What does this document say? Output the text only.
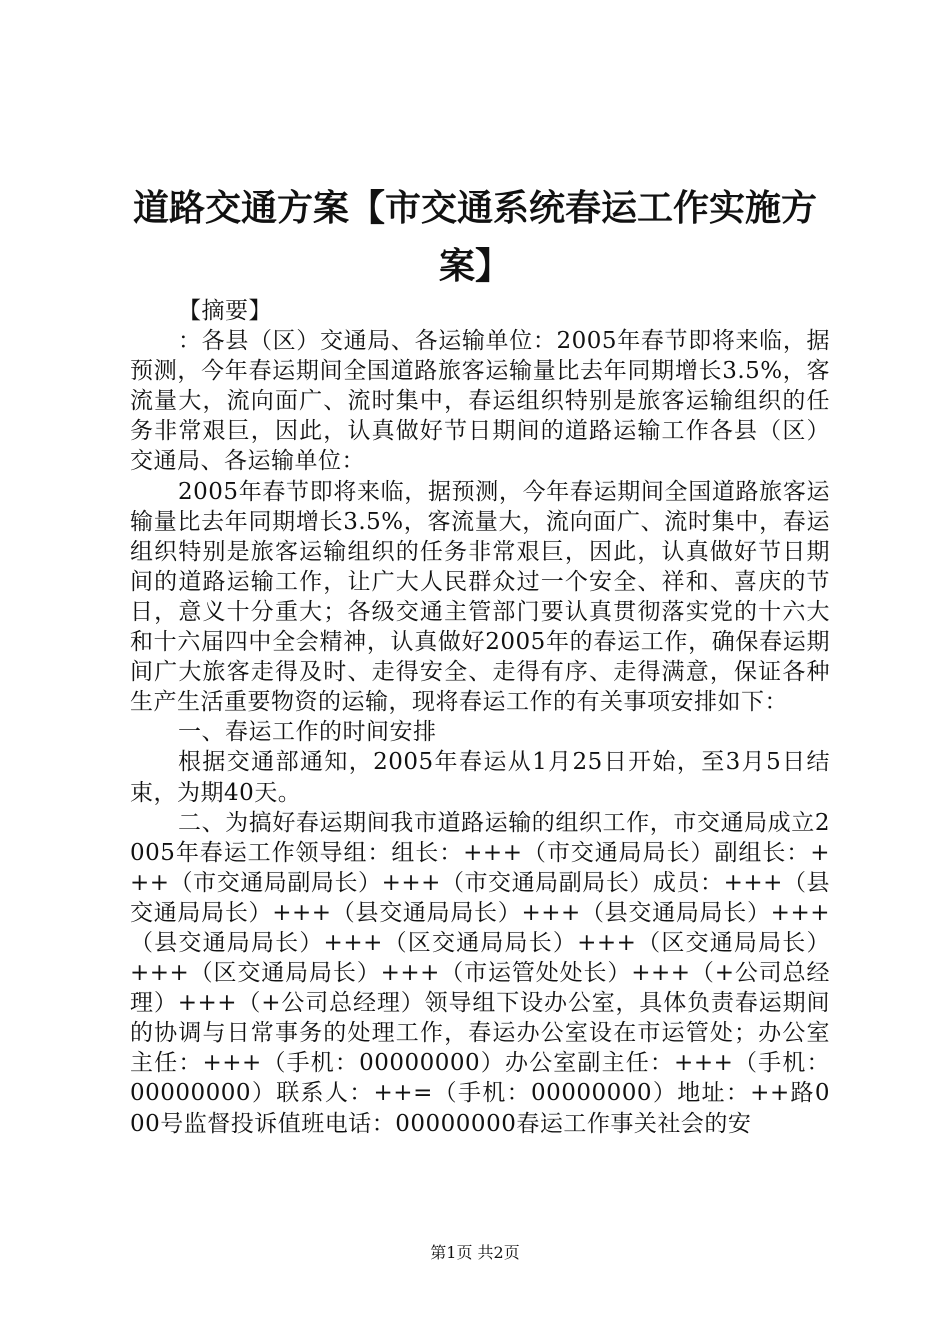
道路交通方案【市交通系统春运工作实施方案】

【摘要】

：各县（区）交通局、各运输单位：2005年春节即将来临，据预测，今年春运期间全国道路旅客运输量比去年同期增长3.5%，客流量大，流向面广、流时集中，春运组织特别是旅客运输组织的任务非常艰巨，因此，认真做好节日期间的道路运输工作各县（区）交通局、各运输单位：

2005年春节即将来临，据预测，今年春运期间全国道路旅客运输量比去年同期增长3.5%，客流量大，流向面广、流时集中，春运组织特别是旅客运输组织的任务非常艰巨，因此，认真做好节日期间的道路运输工作，让广大人民群众过一个安全、祥和、喜庆的节日，意义十分重大；各级交通主管部门要认真贯彻落实党的十六大和十六届四中全会精神，认真做好2005年的春运工作，确保春运期间广大旅客走得及时、走得安全、走得有序、走得满意，保证各种生产生活重要物资的运输，现将春运工作的有关事项安排如下：

一、春运工作的时间安排

根据交通部通知，2005年春运从1月25日开始，至3月5日结束，为期40天。

二、为搞好春运期间我市道路运输的组织工作，市交通局成立2005年春运工作领导组：组长：+++（市交通局局长）副组长：+++（市交通局副局长）+++（市交通局副局长）成员：+++（县交通局局长）+++（县交通局局长）+++（县交通局局长）+++（县交通局局长）+++（区交通局局长）+++（区交通局局长）+++（区交通局局长）+++（市运管处处长）+++（+公司总经理）+++（+公司总经理）领导组下设办公室，具体负责春运期间的协调与日常事务的处理工作，春运办公室设在市运管处；办公室主任：+++（手机：00000000）办公室副主任：+++（手机：00000000）联系人：++=（手机：00000000）地址：++路000号监督投诉值班电话：00000000春运工作事关社会的安

第1页 共2页
